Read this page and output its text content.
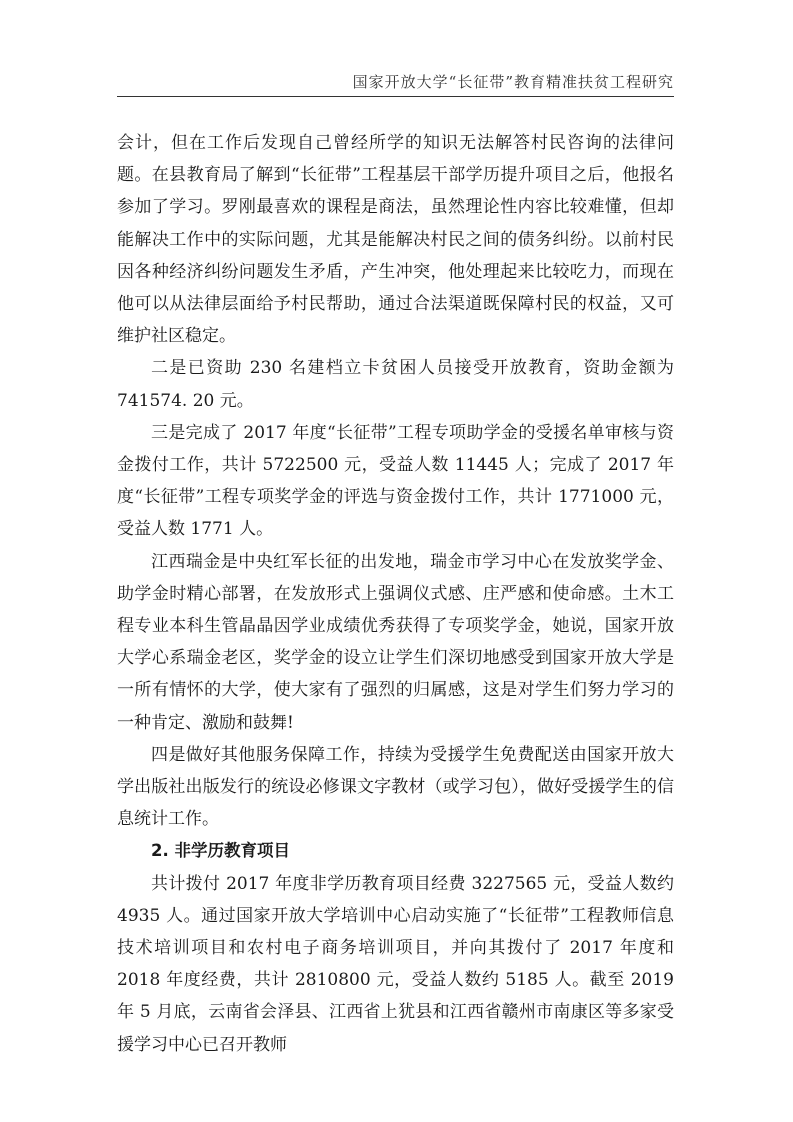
国家开放大学“长征带”教育精准扶贫工程研究

会计，但在工作后发现自己曾经所学的知识无法解答村民咨询的法律问题。在县教育局了解到“长征带”工程基层干部学历提升项目之后，他报名参加了学习。罗刚最喜欢的课程是商法，虽然理论性内容比较难懂，但却能解决工作中的实际问题，尤其是能解决村民之间的债务纠纷。以前村民因各种经济纠纷问题发生矛盾，产生冲突，他处理起来比较吃力，而现在他可以从法律层面给予村民帮助，通过合法渠道既保障村民的权益，又可维护社区稳定。

二是已资助 230 名建档立卡贫困人员接受开放教育，资助金额为 741574. 20 元。

三是完成了 2017 年度“长征带”工程专项助学金的受援名单审核与资金拨付工作，共计 5722500 元，受益人数 11445 人；完成了 2017 年度“长征带”工程专项奖学金的评选与资金拨付工作，共计 1771000 元，受益人数 1771 人。

江西瑞金是中央红军长征的出发地，瑞金市学习中心在发放奖学金、助学金时精心部署，在发放形式上强调仪式感、庄严感和使命感。土木工程专业本科生管晶晶因学业成绩优秀获得了专项奖学金，她说，国家开放大学心系瑞金老区，奖学金的设立让学生们深切地感受到国家开放大学是一所有情怀的大学，使大家有了强烈的归属感，这是对学生们努力学习的一种肯定、激励和鼓舞!

四是做好其他服务保障工作，持续为受援学生免费配送由国家开放大学出版社出版发行的统设必修课文字教材（或学习包），做好受援学生的信息统计工作。

2. 非学历教育项目

共计拨付 2017 年度非学历教育项目经费 3227565 元，受益人数约 4935 人。通过国家开放大学培训中心启动实施了“长征带”工程教师信息技术培训项目和农村电子商务培训项目，并向其拨付了 2017 年度和 2018 年度经费，共计 2810800 元，受益人数约 5185 人。截至 2019 年 5 月底，云南省会泽县、江西省上犹县和江西省赣州市南康区等多家受援学习中心已召开教师
